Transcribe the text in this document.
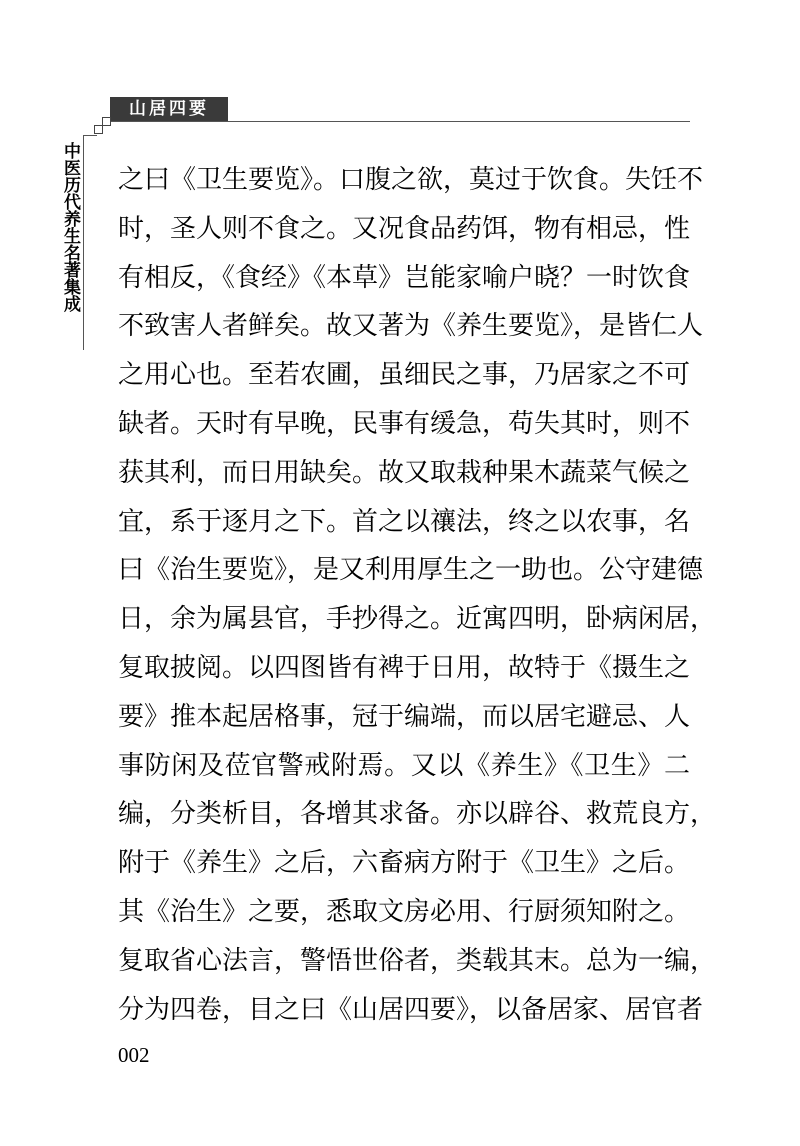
山居四要
中医历代养生名著集成 之曰《卫生要览》。口腹之欲，莫过于饮食。失饪不
时，圣人则不食之。又况食品药饵，物有相忌，性
有相反，《食经》《本草》岂能家喻户晓？一时饮食
不致害人者鲜矣。故又著为《养生要览》，是皆仁人
之用心也。至若农圃，虽细民之事，乃居家之不可
缺者。天时有早晚，民事有缓急，苟失其时，则不
获其利，而日用缺矣。故又取栽种果木蔬菜气候之
宜，系于逐月之下。首之以禳法，终之以农事，名
曰《治生要览》，是又利用厚生之一助也。公守建德
日，余为属县官，手抄得之。近寓四明，卧病闲居，
复取披阅。以四图皆有裨于日用，故特于《摄生之
要》推本起居格事，冠于编端，而以居宅避忌、人
事防闲及莅官警戒附焉。又以《养生》《卫生》二
编，分类析目，各增其求备。亦以辟谷、救荒良方，
附于《养生》之后，六畜病方附于《卫生》之后。
其《治生》之要，悉取文房必用、行厨须知附之。
复取省心法言，警悟世俗者，类载其末。总为一编，
分为四卷，目之曰《山居四要》，以备居家、居官者
002
